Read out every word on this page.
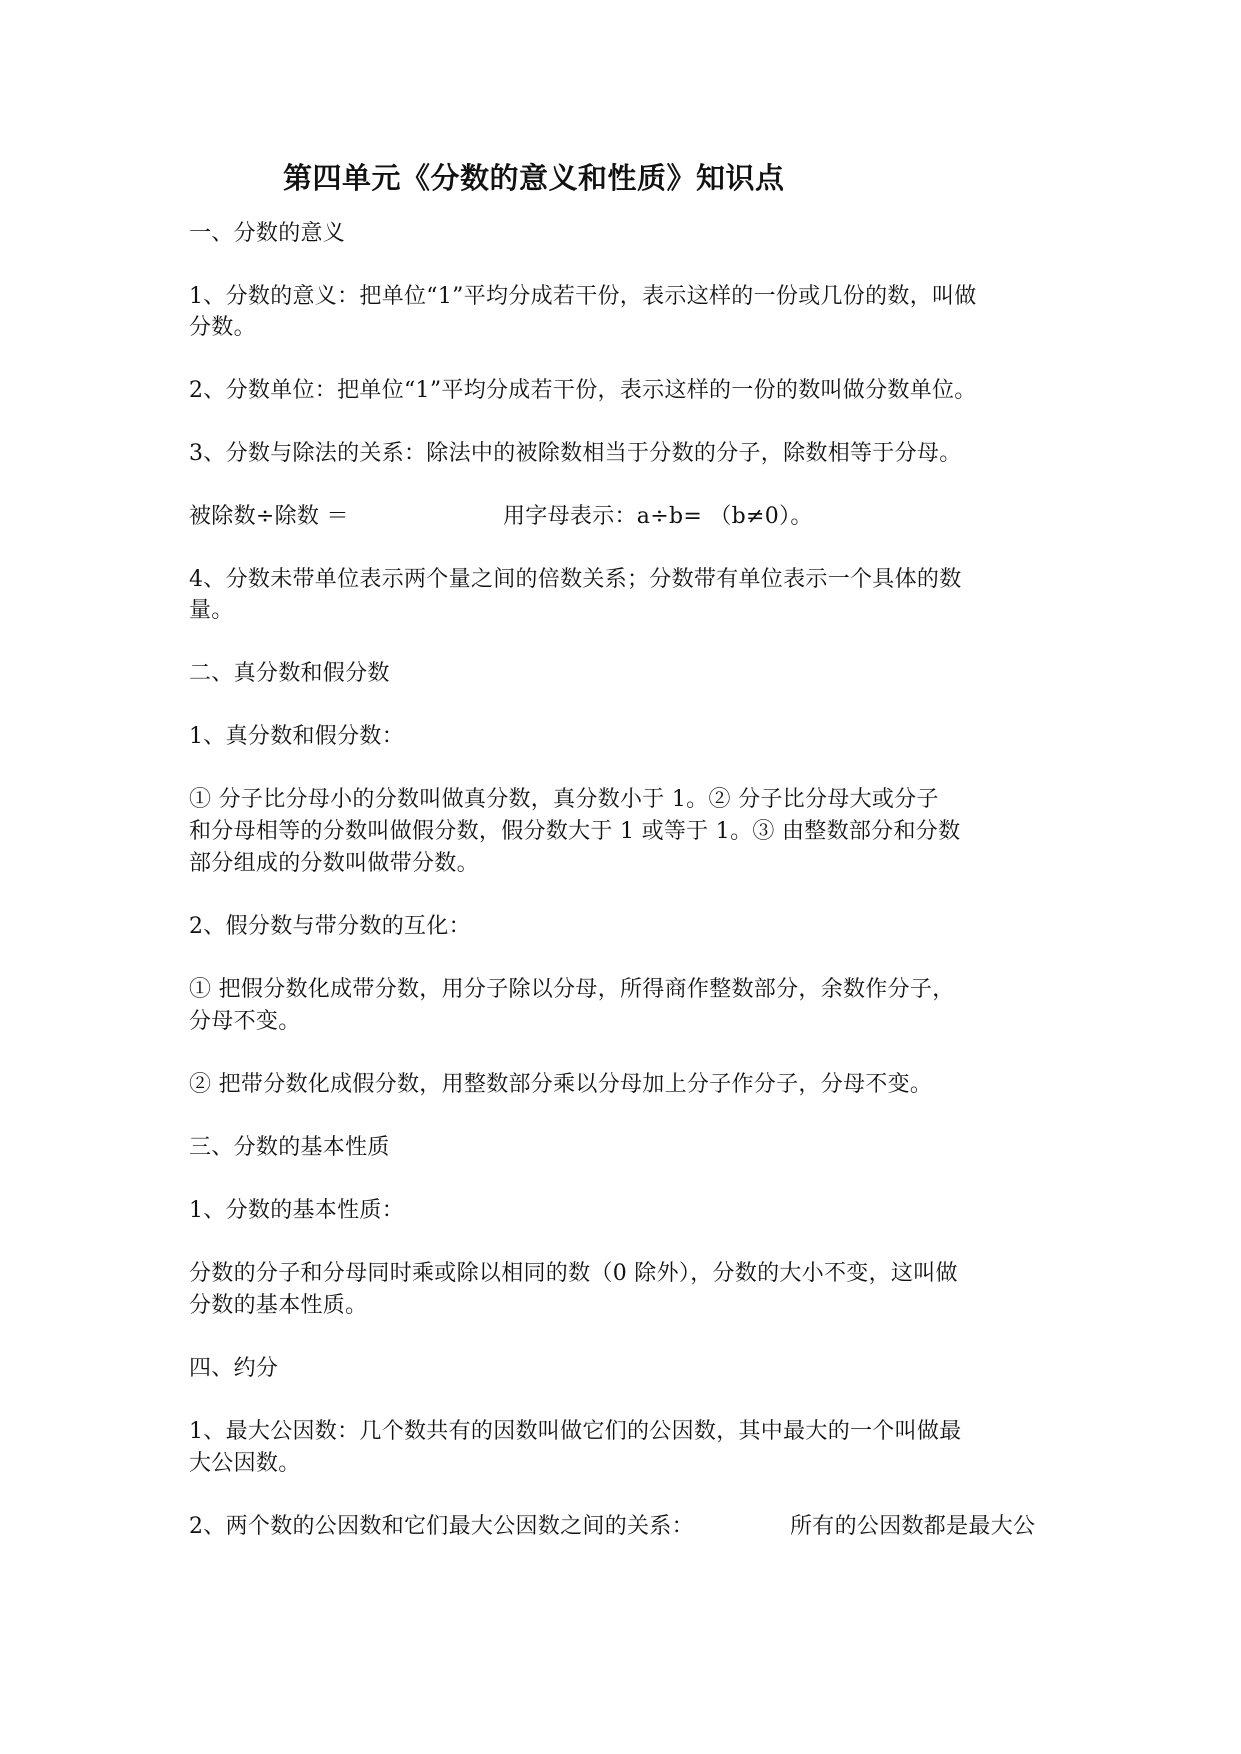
第四单元《分数的意义和性质》知识点
一、分数的意义
1、分数的意义：把单位“1”平均分成若干份，表示这样的一份或几份的数，叫做
分数。
2、分数单位：把单位“1”平均分成若干份，表示这样的一份的数叫做分数单位。
3、分数与除法的关系：除法中的被除数相当于分数的分子，除数相等于分母。
被除数÷除数 ＝	用字母表示：a÷b= （b≠0）。
4、分数未带单位表示两个量之间的倍数关系；分数带有单位表示一个具体的数
量。
二、真分数和假分数
1、真分数和假分数：
① 分子比分母小的分数叫做真分数，真分数小于 1。② 分子比分母大或分子
和分母相等的分数叫做假分数，假分数大于 1 或等于 1。③ 由整数部分和分数
部分组成的分数叫做带分数。
2、假分数与带分数的互化：
① 把假分数化成带分数，用分子除以分母，所得商作整数部分，余数作分子，
分母不变。
② 把带分数化成假分数，用整数部分乘以分母加上分子作分子，分母不变。
三、分数的基本性质
1、分数的基本性质：
分数的分子和分母同时乘或除以相同的数（0 除外），分数的大小不变，这叫做
分数的基本性质。
四、约分
1、最大公因数：几个数共有的因数叫做它们的公因数，其中最大的一个叫做最
大公因数。
2、两个数的公因数和它们最大公因数之间的关系：	所有的公因数都是最大公
